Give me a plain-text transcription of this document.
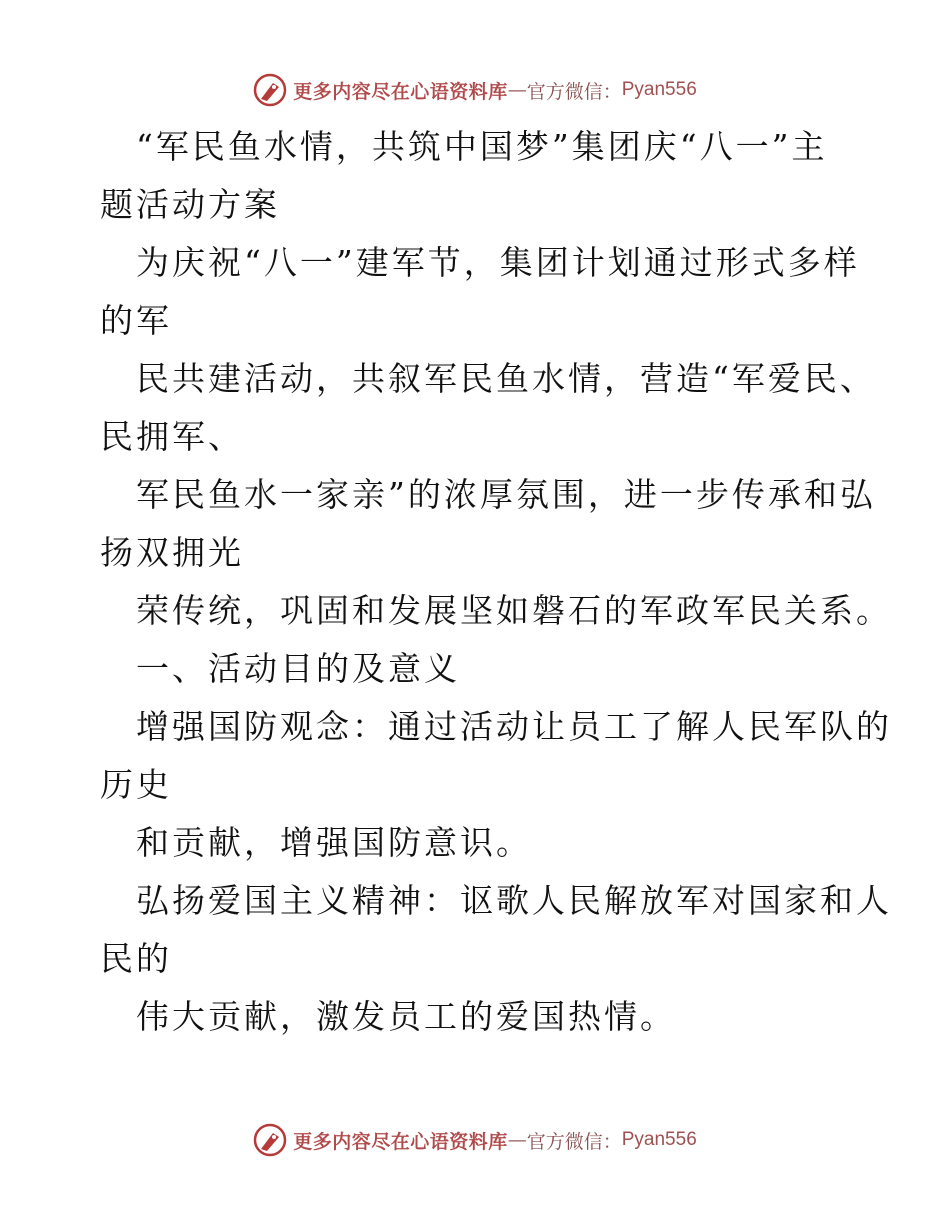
更多内容尽在心语资料库 — 官方微信： Pyan556
“军民鱼水情，共筑中国梦”集团庆“八一”主
题活动方案
为庆祝“八一”建军节，集团计划通过形式多样
的军
民共建活动，共叙军民鱼水情，营造“军爱民、
民拥军、
军民鱼水一家亲”的浓厚氛围，进一步传承和弘
扬双拥光
荣传统，巩固和发展坚如磐石的军政军民关系。
一、活动目的及意义
增强国防观念：通过活动让员工了解人民军队的
历史
和贡献，增强国防意识。
弘扬爱国主义精神：讴歌人民解放军对国家和人
民的
伟大贡献，激发员工的爱国热情。
更多内容尽在心语资料库 — 官方微信： Pyan556
